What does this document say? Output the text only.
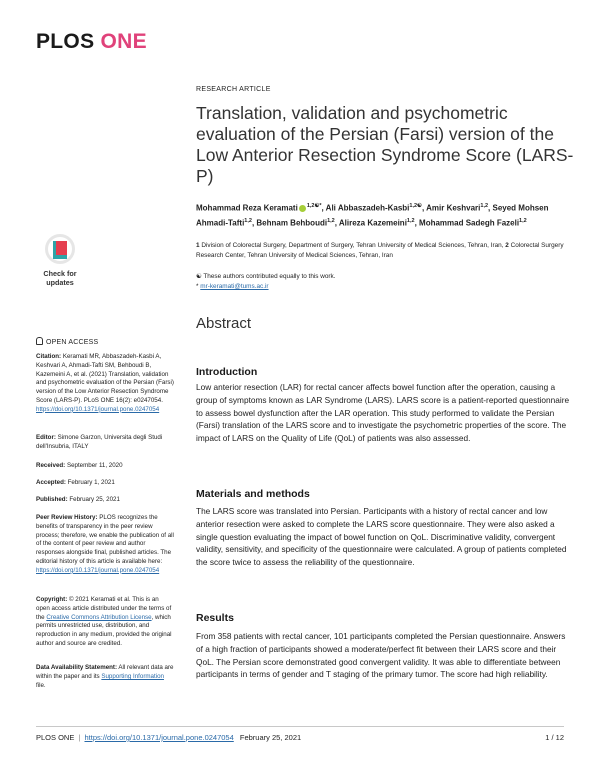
PLOS ONE
RESEARCH ARTICLE
Translation, validation and psychometric evaluation of the Persian (Farsi) version of the Low Anterior Resection Syndrome Score (LARS-P)
Mohammad Reza Keramati $^{1,2☯*}$, Ali Abbaszadeh-Kasbi$^{1,2☯}$, Amir Keshvari$^{1,2}$, Seyed Mohsen Ahmadi-Tafti$^{1,2}$, Behnam Behboudi$^{1,2}$, Alireza Kazemeini$^{1,2}$, Mohammad Sadegh Fazeli$^{1,2}$
1 Division of Colorectal Surgery, Department of Surgery, Tehran University of Medical Sciences, Tehran, Iran, 2 Colorectal Surgery Research Center, Tehran University of Medical Sciences, Tehran, Iran
☯ These authors contributed equally to this work.
* mr-keramati@tums.ac.ir
Abstract
Introduction

Low anterior resection (LAR) for rectal cancer affects bowel function after the operation, causing a group of symptoms known as LAR Syndrome (LARS). LARS score is a patient-reported questionnaire to assess bowel dysfunction after the LAR operation. This study performed to validate the Persian (Farsi) translation of the LARS score and to investigate the psychometric properties of the score. The impact of LARS on the Quality of Life (QoL) of patients was also assessed.

Materials and methods

The LARS score was translated into Persian. Participants with a history of rectal cancer and low anterior resection were asked to complete the LARS score questionnaire. They were also asked a single question evaluating the impact of bowel function on QoL. Discriminative validity, convergent validity, sensitivity, and specificity of the questionnaire were calculated. A group of patients completed the score twice to assess the reliability of the questionnaire.

Results

From 358 patients with rectal cancer, 101 participants completed the Persian questionnaire. Answers of a high fraction of participants showed a moderate/perfect fit between their LARS score and their QoL. The Persian score demonstrated good convergent validity. It was able to differentiate between participants in terms of gender and T staging of the primary tumor. The score had high reliability.

Check for
updates
OPEN ACCESS
Citation: Keramati MR, Abbaszadeh-Kasbi A, Keshvari A, Ahmadi-Tafti SM, Behboudi B, Kazemeini A, et al. (2021) Translation, validation and psychometric evaluation of the Persian (Farsi) version of the Low Anterior Resection Syndrome Score (LARS-P). PLoS ONE 16(2): e0247054. https://doi.org/10.1371/journal.pone.0247054
Editor: Simone Garzon, Universita degli Studi dell'Insubria, ITALY
Received: September 11, 2020
Accepted: February 1, 2021
Published: February 25, 2021
Peer Review History: PLOS recognizes the benefits of transparency in the peer review process; therefore, we enable the publication of all of the content of peer review and author responses alongside final, published articles. The editorial history of this article is available here: https://doi.org/10.1371/journal.pone.0247054
Copyright: © 2021 Keramati et al. This is an open access article distributed under the terms of the Creative Commons Attribution License, which permits unrestricted use, distribution, and reproduction in any medium, provided the original author and source are credited.
Data Availability Statement: All relevant data are within the paper and its Supporting Information file.
PLOS ONE | https://doi.org/10.1371/journal.pone.0247054 February 25, 2021	1 / 12
